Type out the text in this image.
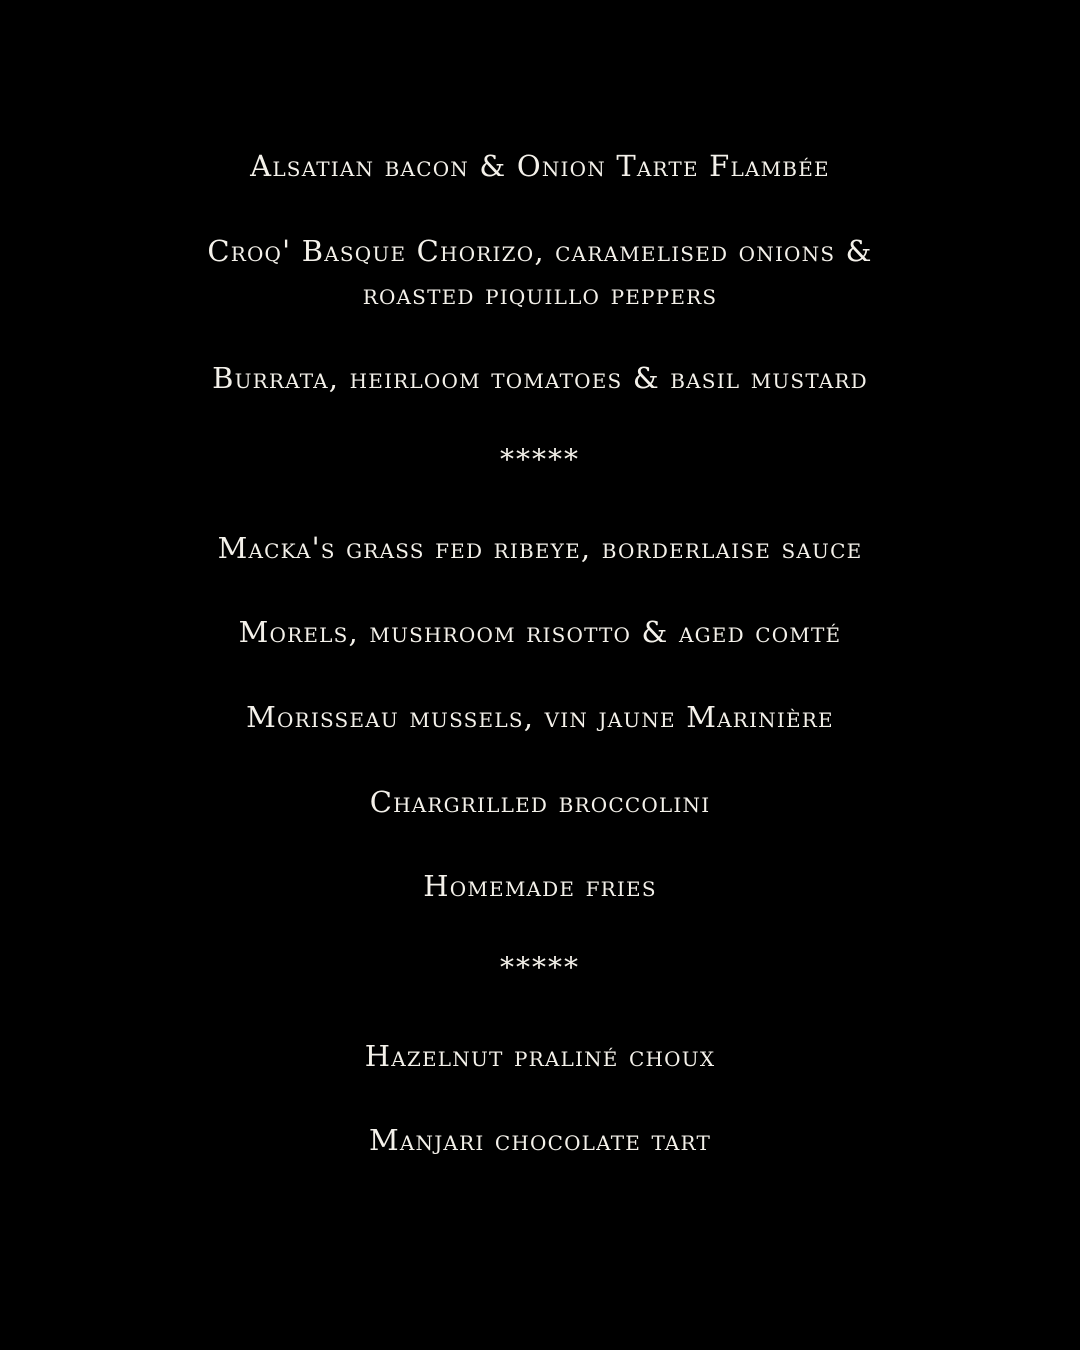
Alsatian bacon & Onion Tarte Flambée
Croq' Basque Chorizo, caramelised onions &
roasted piquillo peppers
Burrata, heirloom tomatoes & basil mustard
*****
Macka's grass fed ribeye, borderlaise sauce
Morels, mushroom risotto & aged comté
Morisseau mussels, vin jaune Marinière
Chargrilled broccolini
Homemade fries
*****
Hazelnut praliné choux
Manjari chocolate tart
